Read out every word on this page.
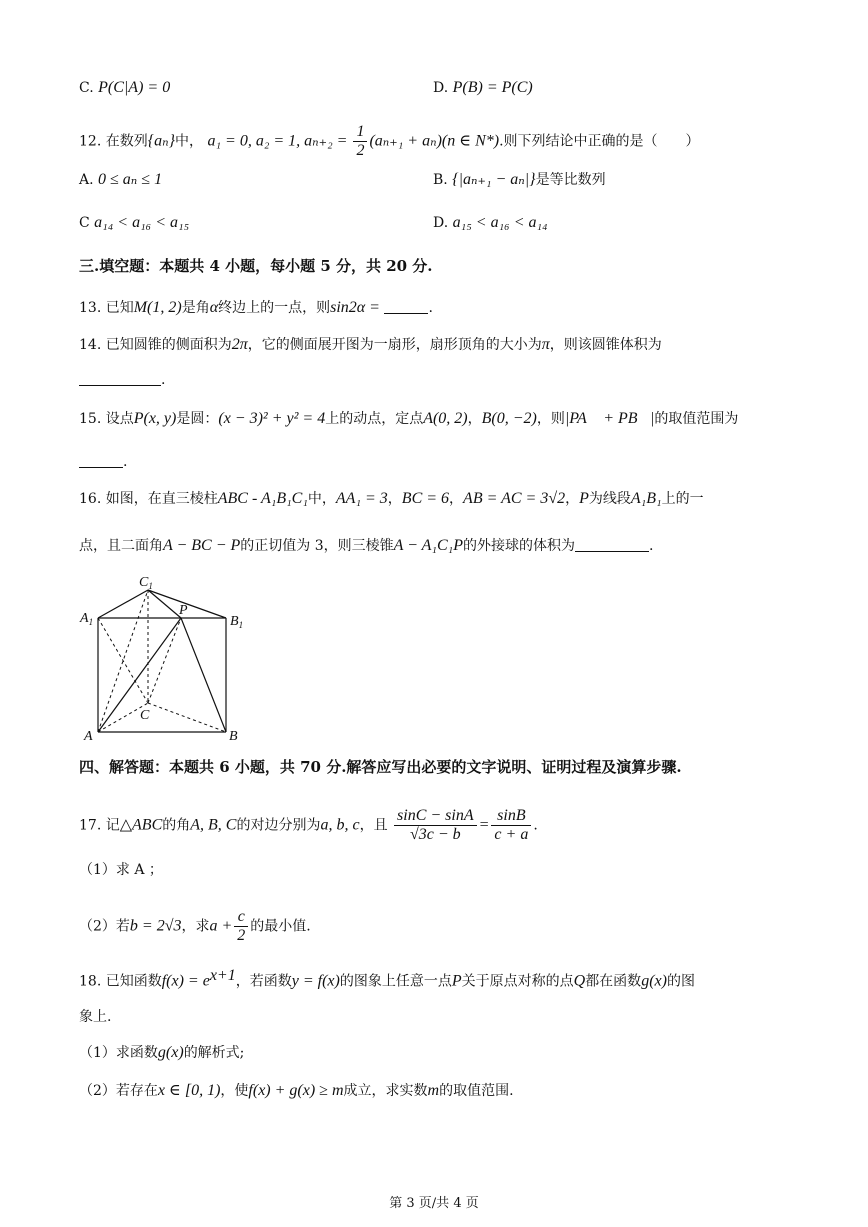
C. P(C|A) = 0	D. P(B) = P(C)
12. 在数列{aₙ}中， a₁ = 0, a₂ = 1, $a_{n+2} = \frac{1}{2} (a_{n+1} + a_n)(n$ ∈ N*).则下列结论中正确的是（　　）
A. 0 ≤ aₙ ≤ 1	B. {|aₙ₊₁ − aₙ|}是等比数列
C a₁₄ < a₁₆ < a₁₅	D. a₁₅ < a₁₆ < a₁₄
三.填空题：本题共 4 小题，每小题 5 分，共 20 分.
13. 已知M(1, 2)是角α终边上的一点，则sin2α =	.
14. 已知圆锥的侧面积为2π，它的侧面展开图为一扇形，扇形顶角的大小为π，则该圆锥体积为
.
15. 设点P(x, y)是圆：(x − 3)² + y² = 4上的动点，定点A(0, 2)，B(0, −2)，则|PA⃗ + PB⃗|的取值范围为
.
16. 如图，在直三棱柱ABC - A₁B₁C₁中，AA₁ = 3，BC = 6，AB = AC = 3√2，P为线段A₁B₁上的一
点，且二面角A − BC − P的正切值为 3，则三棱锥A − A₁C₁P的外接球的体积为	.
$C_1$
$A_1$	$B_1$
P
C
A	B
四、解答题：本题共 6 小题，共 70 分.解答应写出必要的文字说明、证明过程及演算步骤.
17. 记△ABC的角A, B, C的对边分别为a, b, c，且 $\frac{\sin C - \sin A}{√3c - b} = \frac{\sin B}{c + a}$ .
（1）求 A ；
（2）若b = 2√3，求$a + \frac{c}{2}$ 的最小值.
18. 已知函数$f(x) = e^{x+1}$，若函数y = f(x)的图象上任意一点P关于原点对称的点Q都在函数g(x)的图
象上.
（1）求函数g(x)的解析式;
（2）若存在x ∈ [0, 1)，使f(x) + g(x) ≥ m成立，求实数m的取值范围.
第 3 页/共 4 页
